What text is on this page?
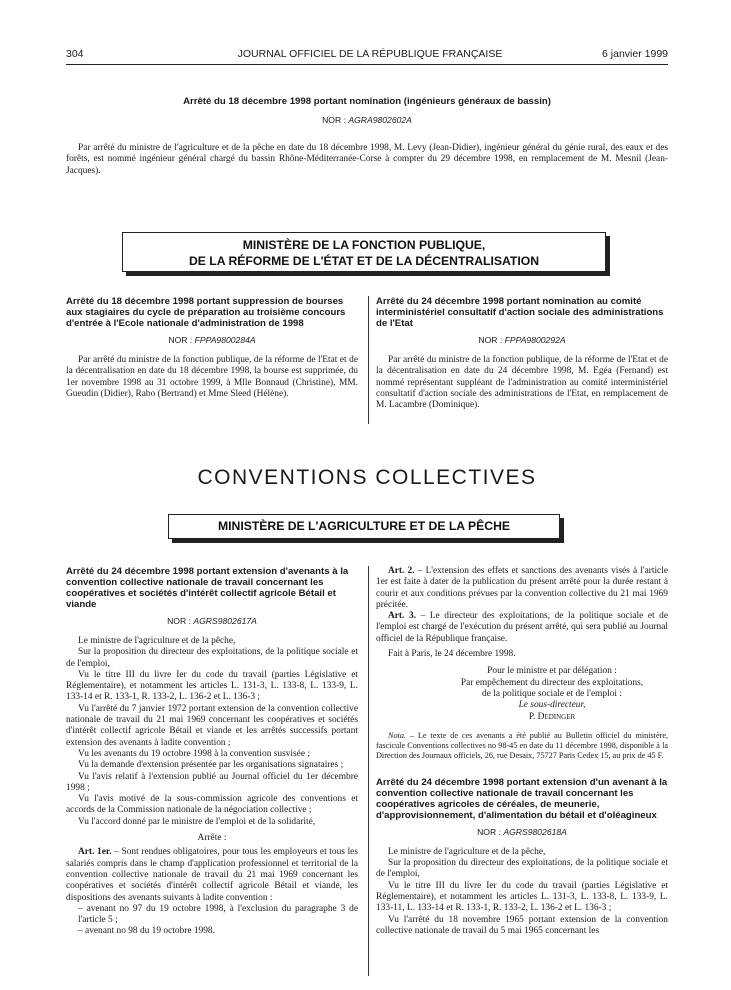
304	JOURNAL OFFICIEL DE LA RÉPUBLIQUE FRANÇAISE	6 janvier 1999

Arrêté du 18 décembre 1998 portant nomination (ingénieurs généraux de bassin)

NOR : AGRA9802602A

Par arrêté du ministre de l'agriculture et de la pêche en date du 18 décembre 1998, M. Levy (Jean-Didier), ingénieur général du génie rural, des eaux et des forêts, est nommé ingénieur général chargé du bassin Rhône-Méditerranée-Corse à compter du 29 décembre 1998, en remplacement de M. Mesnil (Jean-Jacques).

MINISTÈRE DE LA FONCTION PUBLIQUE,
DE LA RÉFORME DE L'ÉTAT ET DE LA DÉCENTRALISATION

Arrêté du 18 décembre 1998 portant suppression de bourses aux stagiaires du cycle de préparation au troisième concours d'entrée à l'Ecole nationale d'administration de 1998

NOR : FPPA9800284A

Par arrêté du ministre de la fonction publique, de la réforme de l'Etat et de la décentralisation en date du 18 décembre 1998, la bourse est supprimée, du 1er novembre 1998 au 31 octobre 1999, à Mlle Bonnaud (Christine), MM. Gueudin (Didier), Rabo (Bertrand) et Mme Sleed (Hélène).

Arrêté du 24 décembre 1998 portant nomination au comité interministériel consultatif d'action sociale des administrations de l'Etat

NOR : FPPA9800292A

Par arrêté du ministre de la fonction publique, de la réforme de l'Etat et de la décentralisation en date du 24 décembre 1998, M. Egéa (Fernand) est nommé représentant suppléant de l'administration au comité interministériel consultatif d'action sociale des administrations de l'Etat, en remplacement de M. Lacambre (Dominique).

CONVENTIONS COLLECTIVES
MINISTÈRE DE L'AGRICULTURE ET DE LA PÊCHE

Arrêté du 24 décembre 1998 portant extension d'avenants à la convention collective nationale de travail concernant les coopératives et sociétés d'intérêt collectif agricole Bétail et viande

NOR : AGRS9802617A

Le ministre de l'agriculture et de la pêche,

Sur la proposition du directeur des exploitations, de la politique sociale et de l'emploi,

Vu le titre III du livre Ier du code du travail (parties Législative et Réglementaire), et notamment les articles L. 131-3, L. 133-8, L. 133-9, L. 133-14 et R. 133-1, R. 133-2, L. 136-2 et L. 136-3 ;

Vu l'arrêté du 7 janvier 1972 portant extension de la convention collective nationale de travail du 21 mai 1969 concernant les coopératives et sociétés d'intérêt collectif agricole Bétail et viande et les arrêtés successifs portant extension des avenants à ladite convention ;

Vu les avenants du 19 octobre 1998 à la convention susvisée ;

Vu la demande d'extension présentée par les organisations signataires ;

Vu l'avis relatif à l'extension publié au Journal officiel du 1er décembre 1998 ;

Vu l'avis motivé de la sous-commission agricole des conventions et accords de la Commission nationale de la négociation collective ;

Vu l'accord donné par le ministre de l'emploi et de la solidarité,

Arrête :

Art. 1er. – Sont rendues obligatoires, pour tous les employeurs et tous les salariés compris dans le champ d'application professionnel et territorial de la convention collective nationale de travail du 21 mai 1969 concernant les coopératives et sociétés d'intérêt collectif agricole Bétail et viande, les dispositions des avenants suivants à ladite convention :

– avenant no 97 du 19 octobre 1998, à l'exclusion du paragraphe 3 de l'article 5 ;

– avenant no 98 du 19 octobre 1998.

Art. 2. – L'extension des effets et sanctions des avenants visés à l'article 1er est faite à dater de la publication du présent arrêté pour la durée restant à courir et aux conditions prévues par la convention collective du 21 mai 1969 précitée.

Art. 3. – Le directeur des exploitations, de la politique sociale et de l'emploi est chargé de l'exécution du présent arrêté, qui sera publié au Journal officiel de la République française.

Fait à Paris, le 24 décembre 1998.

Pour le ministre et par délégation :
Par empêchement du directeur des exploitations,
de la politique sociale et de l'emploi :
Le sous-directeur,
P. Dedinger

Nota. – Le texte de ces avenants a été publié au Bulletin officiel du ministère, fascicule Conventions collectives no 98-45 en date du 11 décembre 1998, disponible à la Direction des Journaux officiels, 26, rue Desaix, 75727 Paris Cedex 15, au prix de 45 F.

Arrêté du 24 décembre 1998 portant extension d'un avenant à la convention collective nationale de travail concernant les coopératives agricoles de céréales, de meunerie, d'approvisionnement, d'alimentation du bétail et d'oléagineux

NOR : AGRS9802618A

Le ministre de l'agriculture et de la pêche,

Sur la proposition du directeur des exploitations, de la politique sociale et de l'emploi,

Vu le titre III du livre Ier du code du travail (parties Législative et Réglementaire), et notamment les articles L. 131-3, L. 133-8, L. 133-9, L. 133-11, L. 133-14 et R. 133-1, R. 133-2, L. 136-2 et L. 136-3 ;

Vu l'arrêté du 18 novembre 1965 portant extension de la convention collective nationale de travail du 5 mai 1965 concernant les
